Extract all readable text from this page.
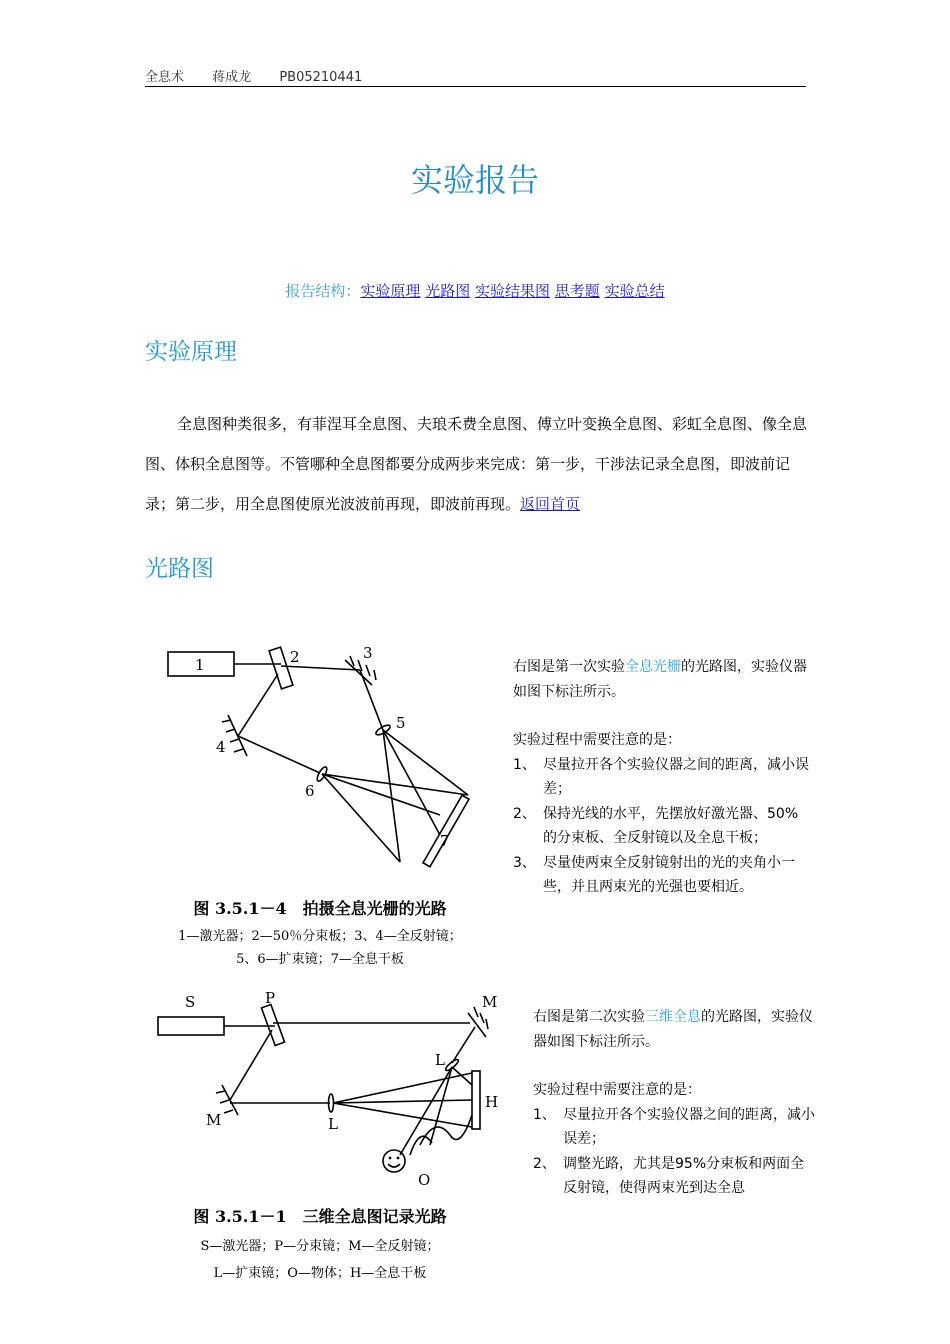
全息术 蒋成龙 PB05210441
实验报告
报告结构：实验原理 光路图 实验结果图 思考题 实验总结
实验原理
全息图种类很多，有菲涅耳全息图、夫琅禾费全息图、傅立叶变换全息图、彩虹全息图、像全息图、体积全息图等。不管哪种全息图都要分成两步来完成：第一步，干涉法记录全息图，即波前记录；第二步，用全息图使原光波波前再现，即波前再现。返回首页
光路图
1	2	3
4
5
6
7
图 3.5.1－4　拍摄全息光栅的光路
1—激光器；2—50％分束板；3、4—全反射镜；
5、6—扩束镜；7—全息干板
右图是第一次实验全息光栅的光路图，实验仪器如图下标注所示。
实验过程中需要注意的是：
1、 尽量拉开各个实验仪器之间的距离，减小误差；
2、 保持光线的水平，先摆放好激光器、50%的分束板、全反射镜以及全息干板；
3、 尽量使两束全反射镜射出的光的夹角小一些，并且两束光的光强也要相近。
S	P	M
M
L
L
H
O
图 3.5.1－1　三维全息图记录光路
S—激光器；P—分束镜；M—全反射镜；
L—扩束镜；O—物体；H—全息干板
右图是第二次实验三维全息的光路图，实验仪器如图下标注所示。
实验过程中需要注意的是：
1、 尽量拉开各个实验仪器之间的距离，减小误差；
2、 调整光路，尤其是95%分束板和两面全反射镜，使得两束光到达全息
